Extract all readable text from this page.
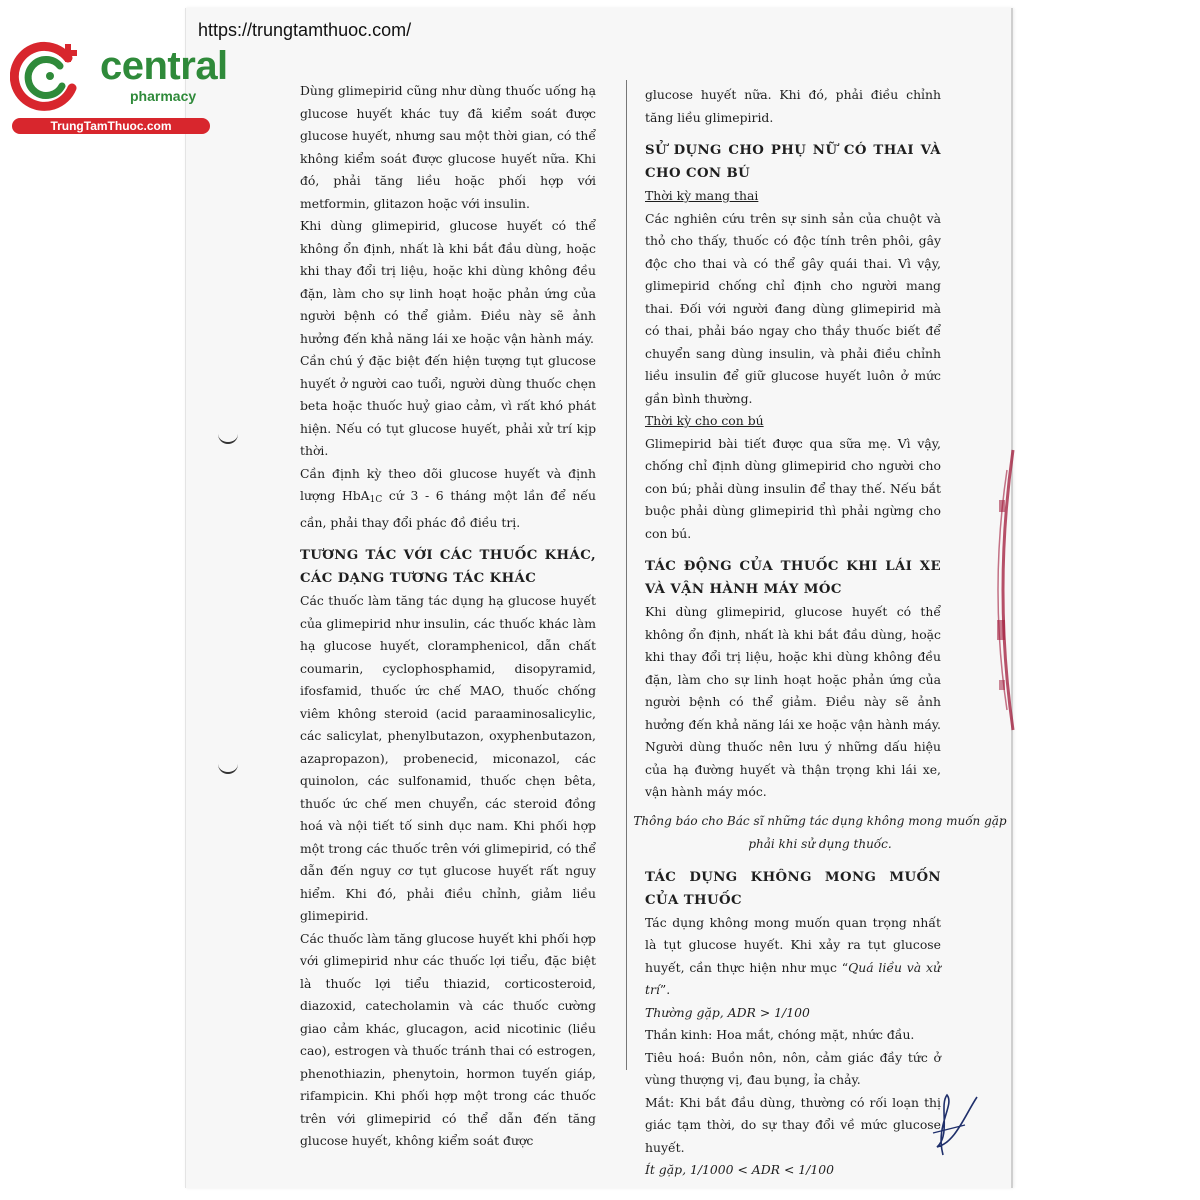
https://trungtamthuoc.com/
central
pharmacy
TrungTamThuoc.com

Dùng glimepirid cũng như dùng thuốc uống hạ glucose huyết khác tuy đã kiểm soát được glucose huyết, nhưng sau một thời gian, có thể không kiểm soát được glucose huyết nữa. Khi đó, phải tăng liều hoặc phối hợp với metformin, glitazon hoặc với insulin.

Khi dùng glimepirid, glucose huyết có thể không ổn định, nhất là khi bắt đầu dùng, hoặc khi thay đổi trị liệu, hoặc khi dùng không đều đặn, làm cho sự linh hoạt hoặc phản ứng của người bệnh có thể giảm. Điều này sẽ ảnh hưởng đến khả năng lái xe hoặc vận hành máy.

Cần chú ý đặc biệt đến hiện tượng tụt glucose huyết ở người cao tuổi, người dùng thuốc chẹn beta hoặc thuốc huỷ giao cảm, vì rất khó phát hiện. Nếu có tụt glucose huyết, phải xử trí kịp thời.

Cần định kỳ theo dõi glucose huyết và định lượng HbA$_{1C}$ cứ 3 - 6 tháng một lần để nếu cần, phải thay đổi phác đồ điều trị.

TƯƠNG TÁC VỚI CÁC THUỐC KHÁC, CÁC DẠNG TƯƠNG TÁC KHÁC

Các thuốc làm tăng tác dụng hạ glucose huyết của glimepirid như insulin, các thuốc khác làm hạ glucose huyết, cloramphenicol, dẫn chất coumarin, cyclophosphamid, disopyramid, ifosfamid, thuốc ức chế MAO, thuốc chống viêm không steroid (acid paraaminosalicylic, các salicylat, phenylbutazon, oxyphenbutazon, azapropazon), probenecid, miconazol, các quinolon, các sulfonamid, thuốc chẹn bêta, thuốc ức chế men chuyển, các steroid đồng hoá và nội tiết tố sinh dục nam. Khi phối hợp một trong các thuốc trên với glimepirid, có thể dẫn đến nguy cơ tụt glucose huyết rất nguy hiểm. Khi đó, phải điều chỉnh, giảm liều glimepirid.

Các thuốc làm tăng glucose huyết khi phối hợp với glimepirid như các thuốc lợi tiểu, đặc biệt là thuốc lợi tiểu thiazid, corticosteroid, diazoxid, catecholamin và các thuốc cường giao cảm khác, glucagon, acid nicotinic (liều cao), estrogen và thuốc tránh thai có estrogen, phenothiazin, phenytoin, hormon tuyến giáp, rifampicin. Khi phối hợp một trong các thuốc trên với glimepirid có thể dẫn đến tăng glucose huyết, không kiểm soát được

glucose huyết nữa. Khi đó, phải điều chỉnh tăng liều glimepirid.

SỬ DỤNG CHO PHỤ NỮ CÓ THAI VÀ CHO CON BÚ

Thời kỳ mang thai

Các nghiên cứu trên sự sinh sản của chuột và thỏ cho thấy, thuốc có độc tính trên phôi, gây độc cho thai và có thể gây quái thai. Vì vậy, glimepirid chống chỉ định cho người mang thai. Đối với người đang dùng glimepirid mà có thai, phải báo ngay cho thầy thuốc biết để chuyển sang dùng insulin, và phải điều chỉnh liều insulin để giữ glucose huyết luôn ở mức gần bình thường.

Thời kỳ cho con bú

Glimepirid bài tiết được qua sữa mẹ. Vì vậy, chống chỉ định dùng glimepirid cho người cho con bú; phải dùng insulin để thay thế. Nếu bắt buộc phải dùng glimepirid thì phải ngừng cho con bú.

TÁC ĐỘNG CỦA THUỐC KHI LÁI XE VÀ VẬN HÀNH MÁY MÓC

Khi dùng glimepirid, glucose huyết có thể không ổn định, nhất là khi bắt đầu dùng, hoặc khi thay đổi trị liệu, hoặc khi dùng không đều đặn, làm cho sự linh hoạt hoặc phản ứng của người bệnh có thể giảm. Điều này sẽ ảnh hưởng đến khả năng lái xe hoặc vận hành máy. Người dùng thuốc nên lưu ý những dấu hiệu của hạ đường huyết và thận trọng khi lái xe, vận hành máy móc.

Thông báo cho Bác sĩ những tác dụng không mong muốn gặp phải khi sử dụng thuốc.

TÁC DỤNG KHÔNG MONG MUỐN CỦA THUỐC

Tác dụng không mong muốn quan trọng nhất là tụt glucose huyết. Khi xảy ra tụt glucose huyết, cần thực hiện như mục “Quá liều và xử trí”.

Thường gặp, ADR > 1/100

Thần kinh: Hoa mắt, chóng mặt, nhức đầu.

Tiêu hoá: Buồn nôn, nôn, cảm giác đầy tức ở vùng thượng vị, đau bụng, ỉa chảy.

Mắt: Khi bắt đầu dùng, thường có rối loạn thị giác tạm thời, do sự thay đổi về mức glucose huyết.

Ít gặp, 1/1000 < ADR < 1/100
